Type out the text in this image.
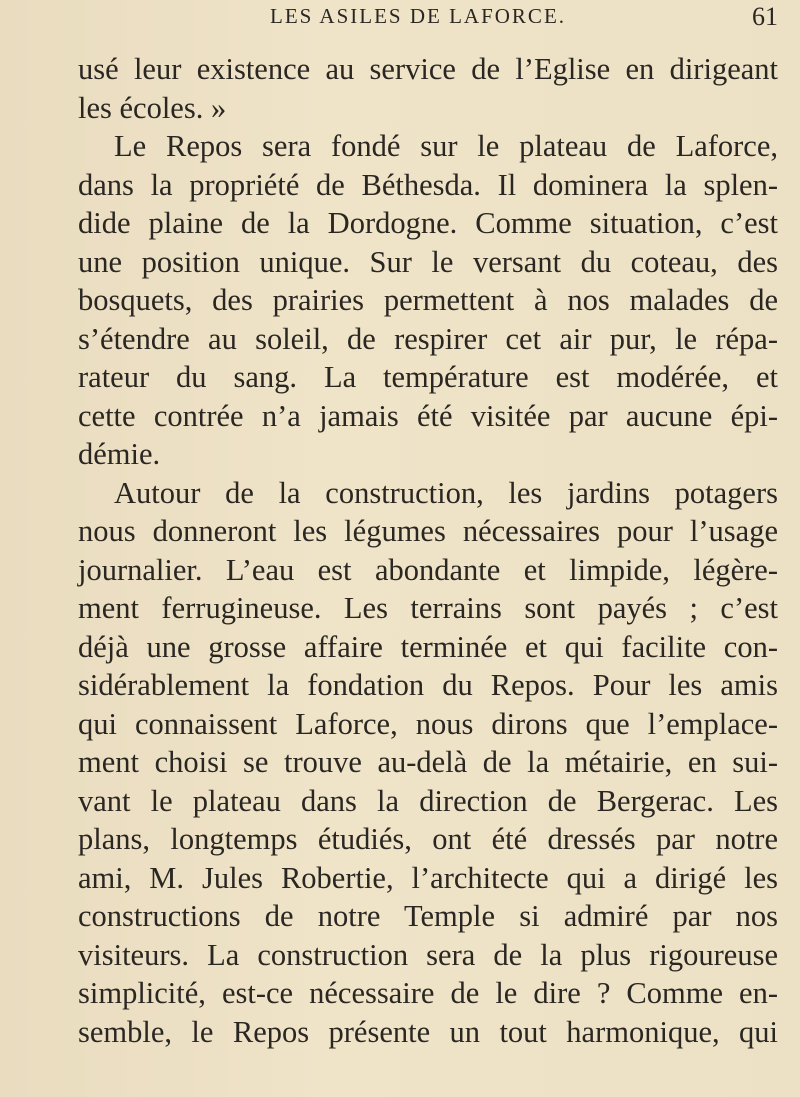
LES ASILES DE LAFORCE.	61
usé leur existence au service de l’Eglise en dirigeant
les écoles. »
Le Repos sera fondé sur le plateau de Laforce,
dans la propriété de Béthesda. Il dominera la splen-
dide plaine de la Dordogne. Comme situation, c’est
une position unique. Sur le versant du coteau, des
bosquets, des prairies permettent à nos malades de
s’étendre au soleil, de respirer cet air pur, le répa-
rateur du sang. La température est modérée, et
cette contrée n’a jamais été visitée par aucune épi-
démie.
Autour de la construction, les jardins potagers
nous donneront les légumes nécessaires pour l’usage
journalier. L’eau est abondante et limpide, légère-
ment ferrugineuse. Les terrains sont payés ; c’est
déjà une grosse affaire terminée et qui facilite con-
sidérablement la fondation du Repos. Pour les amis
qui connaissent Laforce, nous dirons que l’emplace-
ment choisi se trouve au-delà de la métairie, en sui-
vant le plateau dans la direction de Bergerac. Les
plans, longtemps étudiés, ont été dressés par notre
ami, M. Jules Robertie, l’architecte qui a dirigé les
constructions de notre Temple si admiré par nos
visiteurs. La construction sera de la plus rigoureuse
simplicité, est-ce nécessaire de le dire ? Comme en-
semble, le Repos présente un tout harmonique, qui
